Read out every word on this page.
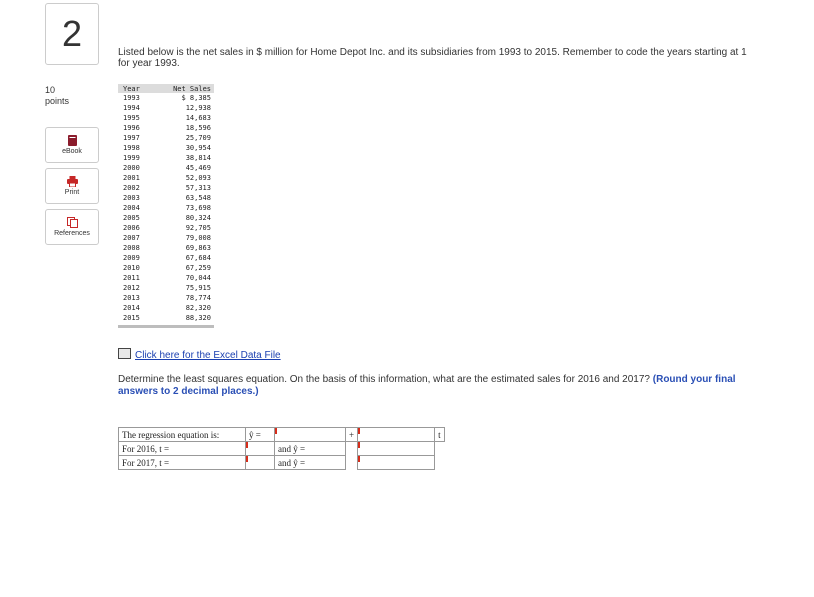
2
10
points
eBook
Print
References
Listed below is the net sales in $ million for Home Depot Inc. and its subsidiaries from 1993 to 2015. Remember to code the years starting at 1 for year 1993.
Year	Net Sales
1993	$ 8,385
1994	12,938
1995	14,683
1996	18,596
1997	25,709
1998	30,954
1999	38,814
2000	45,469
2001	52,093
2002	57,313
2003	63,548
2004	73,698
2005	80,324
2006	92,705
2007	79,008
2008	69,863
2009	67,684
2010	67,259
2011	70,044
2012	75,915
2013	78,774
2014	82,320
2015	88,320
Click here for the Excel Data File
Determine the least squares equation. On the basis of this information, what are the estimated sales for 2016 and 2017? (Round your final answers to 2 decimal places.)
The regression equation is:	ŷ =		+		t
For 2016, t =		and ŷ =			
For 2017, t =		and ŷ =			
